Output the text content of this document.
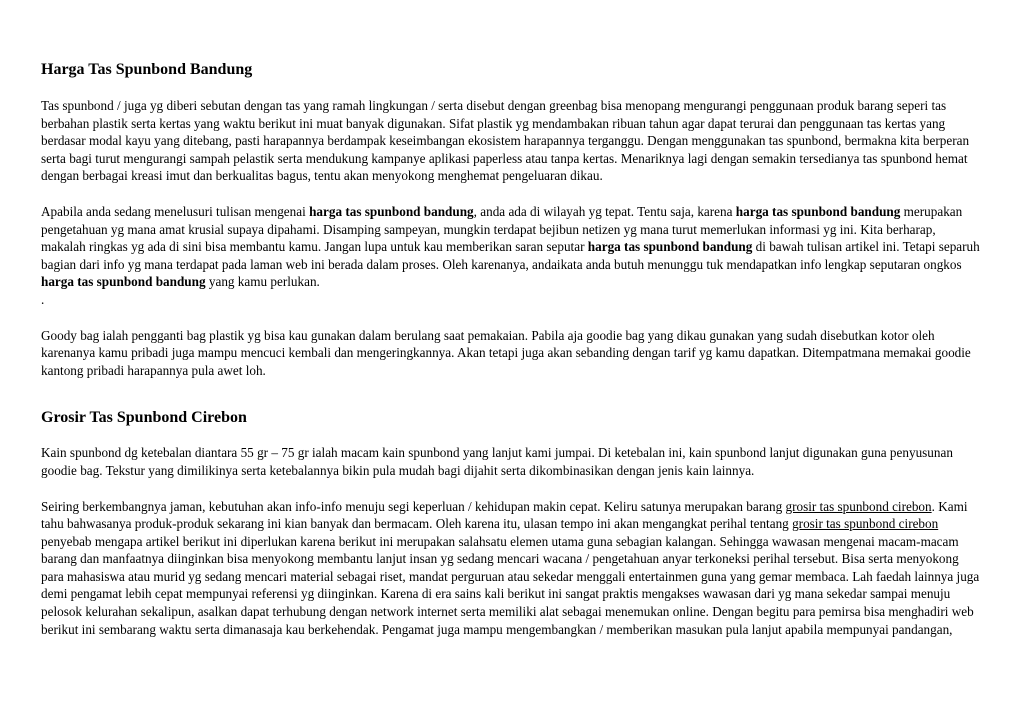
Harga Tas Spunbond Bandung

Tas spunbond / juga yg diberi sebutan dengan tas yang ramah lingkungan / serta disebut dengan greenbag bisa menopang mengurangi penggunaan produk barang seperi tas berbahan plastik serta kertas yang waktu berikut ini muat banyak digunakan. Sifat plastik yg mendambakan ribuan tahun agar dapat terurai dan penggunaan tas kertas yang berdasar modal kayu yang ditebang, pasti harapannya berdampak keseimbangan ekosistem harapannya terganggu. Dengan menggunakan tas spunbond, bermakna kita berperan serta bagi turut mengurangi sampah pelastik serta mendukung kampanye aplikasi paperless atau tanpa kertas. Menariknya lagi dengan semakin tersedianya tas spunbond hemat dengan berbagai kreasi imut dan berkualitas bagus, tentu akan menyokong menghemat pengeluaran dikau.

Apabila anda sedang menelusuri tulisan mengenai harga tas spunbond bandung, anda ada di wilayah yg tepat. Tentu saja, karena harga tas spunbond bandung merupakan pengetahuan yg mana amat krusial supaya dipahami. Disamping sampeyan, mungkin terdapat bejibun netizen yg mana turut memerlukan informasi yg ini. Kita berharap, makalah ringkas yg ada di sini bisa membantu kamu. Jangan lupa untuk kau memberikan saran seputar harga tas spunbond bandung di bawah tulisan artikel ini. Tetapi separuh bagian dari info yg mana terdapat pada laman web ini berada dalam proses. Oleh karenanya, andaikata anda butuh menunggu tuk mendapatkan info lengkap seputaran ongkos harga tas spunbond bandung yang kamu perlukan.

.

Goody bag ialah pengganti bag plastik yg bisa kau gunakan dalam berulang saat pemakaian. Pabila aja goodie bag yang dikau gunakan yang sudah disebutkan kotor oleh karenanya kamu pribadi juga mampu mencuci kembali dan mengeringkannya. Akan tetapi juga akan sebanding dengan tarif yg kamu dapatkan. Ditempatmana memakai goodie kantong pribadi harapannya pula awet loh.

Grosir Tas Spunbond Cirebon

Kain spunbond dg ketebalan diantara 55 gr – 75 gr ialah macam kain spunbond yang lanjut kami jumpai. Di ketebalan ini, kain spunbond lanjut digunakan guna penyusunan goodie bag. Tekstur yang dimilikinya serta ketebalannya bikin pula mudah bagi dijahit serta dikombinasikan dengan jenis kain lainnya.

Seiring berkembangnya jaman, kebutuhan akan info-info menuju segi keperluan / kehidupan makin cepat. Keliru satunya merupakan barang grosir tas spunbond cirebon. Kami tahu bahwasanya produk-produk sekarang ini kian banyak dan bermacam. Oleh karena itu, ulasan tempo ini akan mengangkat perihal tentang grosir tas spunbond cirebon penyebab mengapa artikel berikut ini diperlukan karena berikut ini merupakan salahsatu elemen utama guna sebagian kalangan. Sehingga wawasan mengenai macam-macam barang dan manfaatnya diinginkan bisa menyokong membantu lanjut insan yg sedang mencari wacana / pengetahuan anyar terkoneksi perihal tersebut. Bisa serta menyokong para mahasiswa atau murid yg sedang mencari material sebagai riset, mandat perguruan atau sekedar menggali entertainmen guna yang gemar membaca. Lah faedah lainnya juga demi pengamat lebih cepat mempunyai referensi yg diinginkan. Karena di era sains kali berikut ini sangat praktis mengakses wawasan dari yg mana sekedar sampai menuju pelosok kelurahan sekalipun, asalkan dapat terhubung dengan network internet serta memiliki alat sebagai menemukan online. Dengan begitu para pemirsa bisa menghadiri web berikut ini sembarang waktu serta dimanasaja kau berkehendak. Pengamat juga mampu mengembangkan / memberikan masukan pula lanjut apabila mempunyai pandangan,
